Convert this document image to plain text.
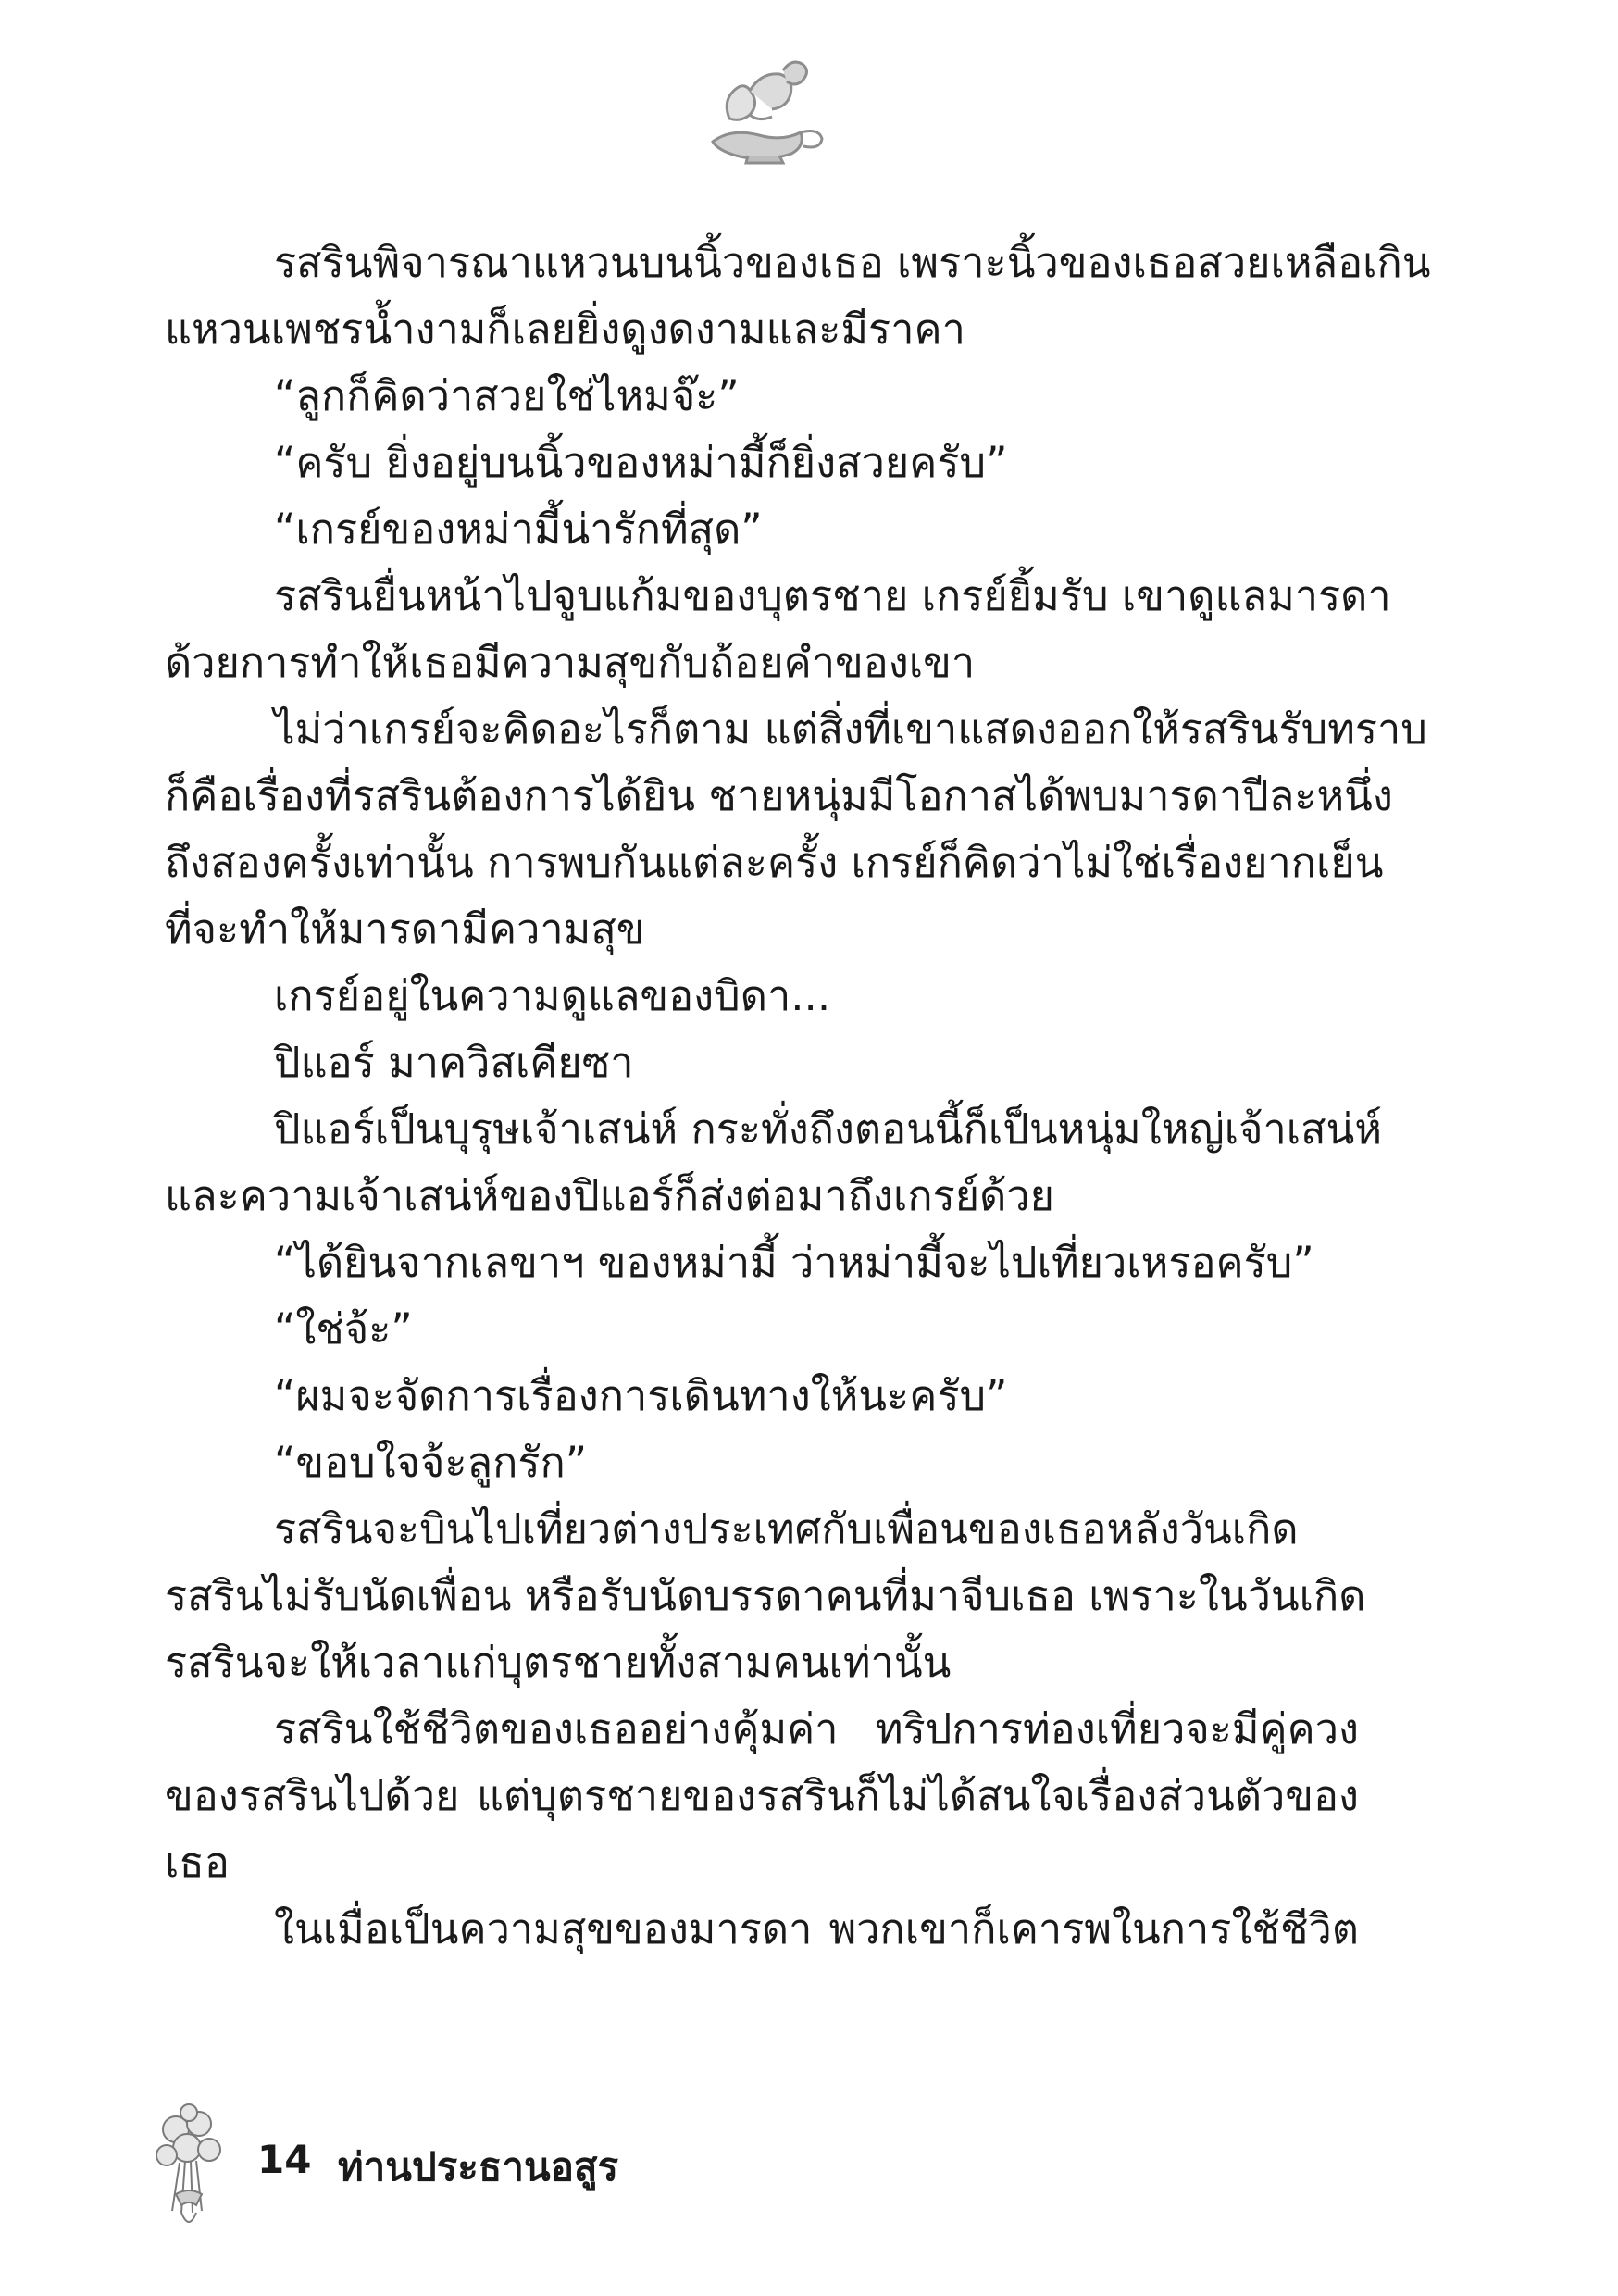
รสรินพิจารณาแหวนบนนิ้วของเธอ เพราะนิ้วของเธอสวยเหลือเกิน
แหวนเพชรน้ำงามก็เลยยิ่งดูงดงามและมีราคา
“ลูกก็คิดว่าสวยใช่ไหมจ๊ะ”
“ครับ ยิ่งอยู่บนนิ้วของหม่ามี้ก็ยิ่งสวยครับ”
“เกรย์ของหม่ามี้น่ารักที่สุด”
รสรินยื่นหน้าไปจูบแก้มของบุตรชาย เกรย์ยิ้มรับ เขาดูแลมารดา
ด้วยการทำให้เธอมีความสุขกับถ้อยคำของเขา
ไม่ว่าเกรย์จะคิดอะไรก็ตาม แต่สิ่งที่เขาแสดงออกให้รสรินรับทราบ
ก็คือเรื่องที่รสรินต้องการได้ยิน ชายหนุ่มมีโอกาสได้พบมารดาปีละหนึ่ง
ถึงสองครั้งเท่านั้น การพบกันแต่ละครั้ง เกรย์ก็คิดว่าไม่ใช่เรื่องยากเย็น
ที่จะทำให้มารดามีความสุข
เกรย์อยู่ในความดูแลของบิดา...
ปิแอร์ มาควิสเคียซา
ปิแอร์เป็นบุรุษเจ้าเสน่ห์ กระทั่งถึงตอนนี้ก็เป็นหนุ่มใหญ่เจ้าเสน่ห์
และความเจ้าเสน่ห์ของปิแอร์ก็ส่งต่อมาถึงเกรย์ด้วย
“ได้ยินจากเลขาฯ ของหม่ามี้ ว่าหม่ามี้จะไปเที่ยวเหรอครับ”
“ใช่จ้ะ”
“ผมจะจัดการเรื่องการเดินทางให้นะครับ”
“ขอบใจจ้ะลูกรัก”
รสรินจะบินไปเที่ยวต่างประเทศกับเพื่อนของเธอหลังวันเกิด
รสรินไม่รับนัดเพื่อน หรือรับนัดบรรดาคนที่มาจีบเธอ เพราะในวันเกิด
รสรินจะให้เวลาแก่บุตรชายทั้งสามคนเท่านั้น
รสรินใช้ชีวิตของเธออย่างคุ้มค่า ทริปการท่องเที่ยวจะมีคู่ควง
ของรสรินไปด้วย แต่บุตรชายของรสรินก็ไม่ได้สนใจเรื่องส่วนตัวของ
เธอ
ในเมื่อเป็นความสุขของมารดา พวกเขาก็เคารพในการใช้ชีวิต
14 ท่านประธานอสูร
